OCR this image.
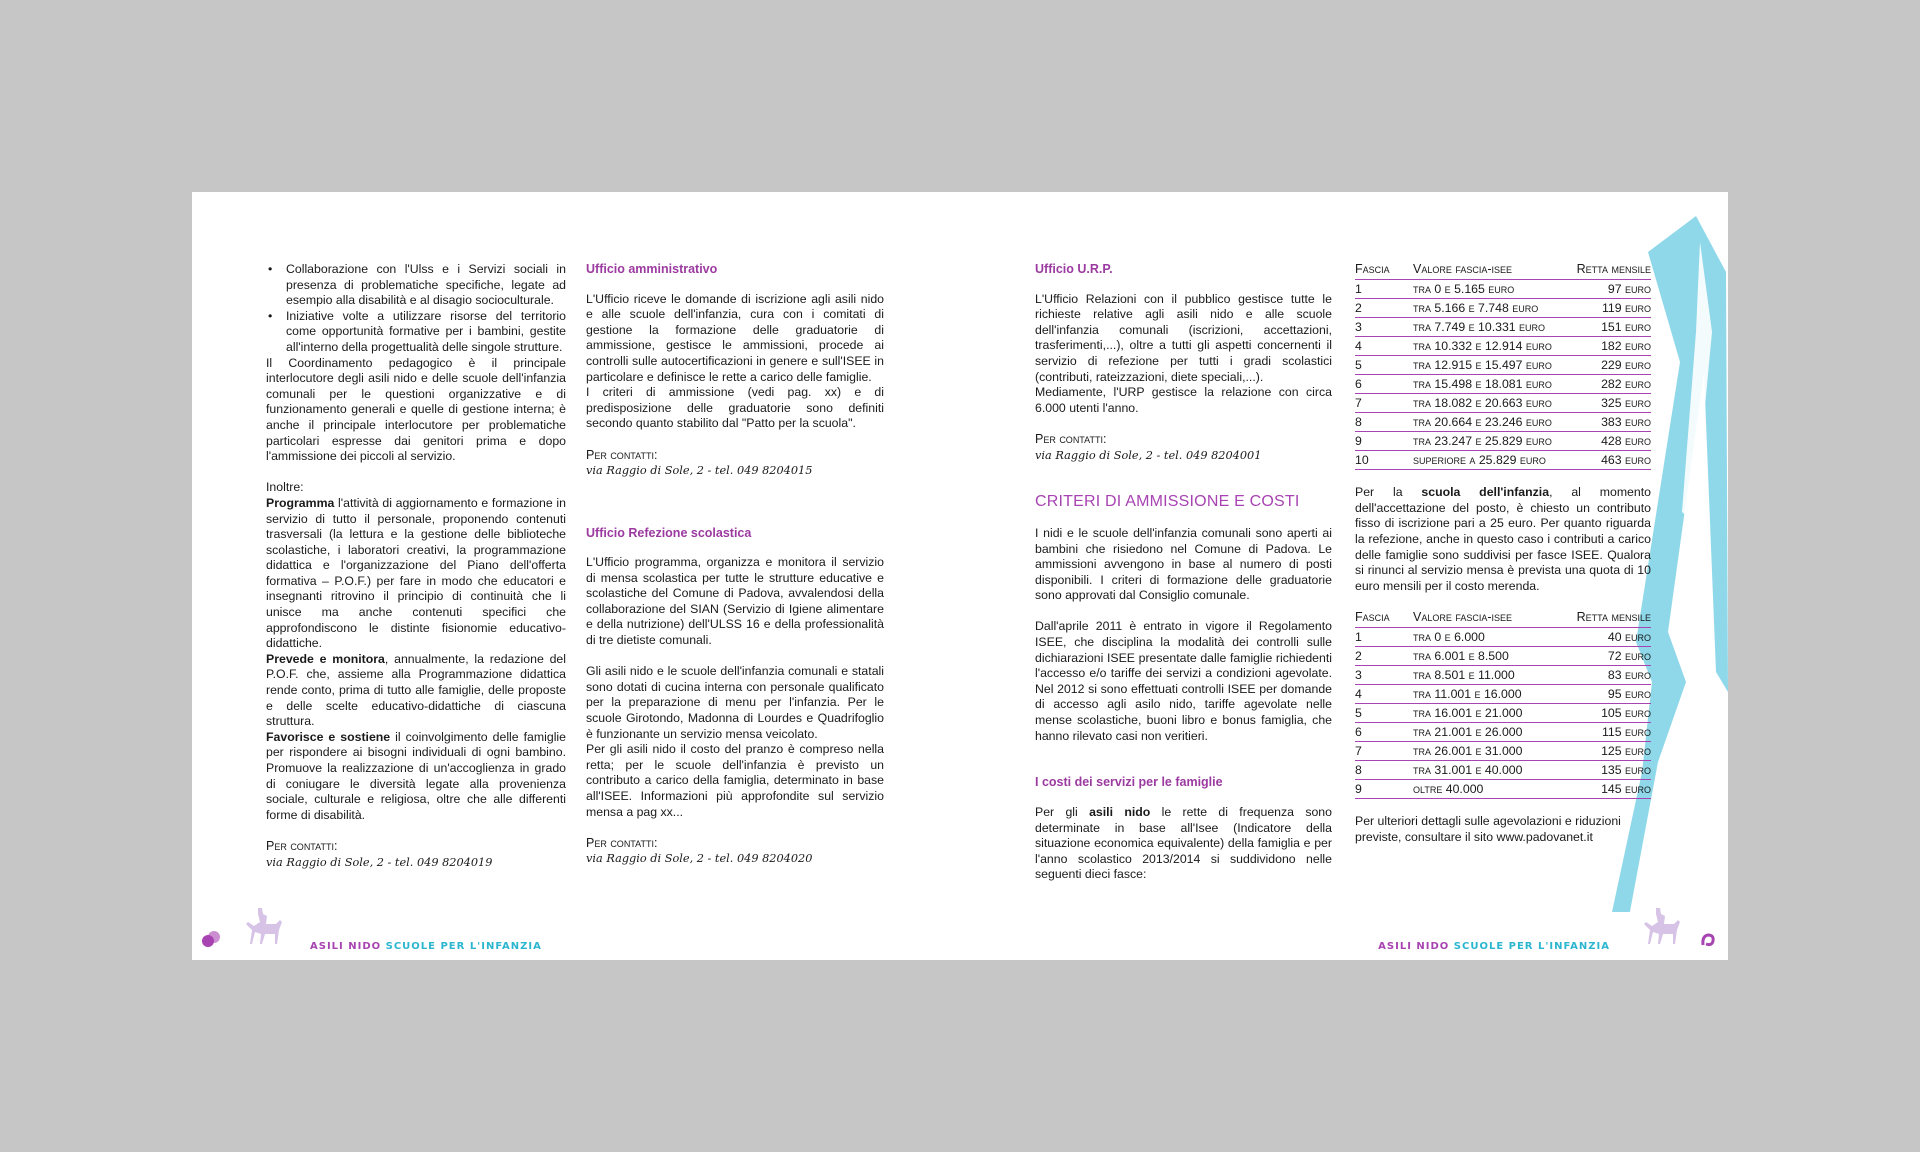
• Collaborazione con l'Ulss e i Servizi sociali in presenza di problematiche specifiche, legate ad esempio alla disabilità e al disagio socioculturale.
• Iniziative volte a utilizzare risorse del territorio come opportunità formative per i bambini, gestite all'interno della progettualità delle singole strutture.

Il Coordinamento pedagogico è il principale interlocutore degli asili nido e delle scuole dell'infanzia comunali per le questioni organizzative e di funzionamento generali e quelle di gestione interna; è anche il principale interlocutore per problematiche particolari espresse dai genitori prima e dopo l'ammissione dei piccoli al servizio.

Inoltre:

Programma l'attività di aggiornamento e formazione in servizio di tutto il personale, proponendo contenuti trasversali (la lettura e la gestione delle biblioteche scolastiche, i laboratori creativi, la programmazione didattica e l'organizzazione del Piano dell'offerta formativa – P.O.F.) per fare in modo che educatori e insegnanti ritrovino il principio di continuità che li unisce ma anche contenuti specifici che approfondiscono le distinte fisionomie educativo-didattiche.

Prevede e monitora, annualmente, la redazione del P.O.F. che, assieme alla Programmazione didattica rende conto, prima di tutto alle famiglie, delle proposte e delle scelte educativo-didattiche di ciascuna struttura.

Favorisce e sostiene il coinvolgimento delle famiglie per rispondere ai bisogni individuali di ogni bambino. Promuove la realizzazione di un'accoglienza in grado di coniugare le diversità legate alla provenienza sociale, culturale e religiosa, oltre che alle differenti forme di disabilità.

Per contatti:

via Raggio di Sole, 2 - tel. 049 8204019

Ufficio amministrativo

L'Ufficio riceve le domande di iscrizione agli asili nido e alle scuole dell'infanzia, cura con i comitati di gestione la formazione delle graduatorie di ammissione, gestisce le ammissioni, procede ai controlli sulle autocertificazioni in genere e sull'ISEE in particolare e definisce le rette a carico delle famiglie.

I criteri di ammissione (vedi pag. xx) e di predisposizione delle graduatorie sono definiti secondo quanto stabilito dal "Patto per la scuola".

Per contatti:

via Raggio di Sole, 2 - tel. 049 8204015

Ufficio Refezione scolastica

L'Ufficio programma, organizza e monitora il servizio di mensa scolastica per tutte le strutture educative e scolastiche del Comune di Padova, avvalendosi della collaborazione del SIAN (Servizio di Igiene alimentare e della nutrizione) dell'ULSS 16 e della professionalità di tre dietiste comunali.

Gli asili nido e le scuole dell'infanzia comunali e statali sono dotati di cucina interna con personale qualificato per la preparazione di menu per l'infanzia. Per le scuole Girotondo, Madonna di Lourdes e Quadrifoglio è funzionante un servizio mensa veicolato.

Per gli asili nido il costo del pranzo è compreso nella retta; per le scuole dell'infanzia è previsto un contributo a carico della famiglia, determinato in base all'ISEE. Informazioni più approfondite sul servizio mensa a pag xx...

Per contatti:

via Raggio di Sole, 2 - tel. 049 8204020

Ufficio U.R.P.

L'Ufficio Relazioni con il pubblico gestisce tutte le richieste relative agli asili nido e alle scuole dell'infanzia comunali (iscrizioni, accettazioni, trasferimenti,...), oltre a tutti gli aspetti concernenti il servizio di refezione per tutti i gradi scolastici (contributi, rateizzazioni, diete speciali,...).

Mediamente, l'URP gestisce la relazione con circa 6.000 utenti l'anno.

Per contatti:

via Raggio di Sole, 2 - tel. 049 8204001

CRITERI DI AMMISSIONE E COSTI

I nidi e le scuole dell'infanzia comunali sono aperti ai bambini che risiedono nel Comune di Padova. Le ammissioni avvengono in base al numero di posti disponibili. I criteri di formazione delle graduatorie sono approvati dal Consiglio comunale.

Dall'aprile 2011 è entrato in vigore il Regolamento ISEE, che disciplina la modalità dei controlli sulle dichiarazioni ISEE presentate dalle famiglie richiedenti l'accesso e/o tariffe dei servizi a condizioni agevolate. Nel 2012 si sono effettuati controlli ISEE per domande di accesso agli asilo nido, tariffe agevolate nelle mense scolastiche, buoni libro e bonus famiglia, che hanno rilevato casi non veritieri.

I costi dei servizi per le famiglie

Per gli asili nido le rette di frequenza sono determinate in base all'Isee (Indicatore della situazione economica equivalente) della famiglia e per l'anno scolastico 2013/2014 si suddividono nelle seguenti dieci fasce:

Fascia	Valore fascia-isee	Retta mensile
1	tra 0 e 5.165 euro	97 euro
2	tra 5.166 e 7.748 euro	119 euro
3	tra 7.749 e 10.331 euro	151 euro
4	tra 10.332 e 12.914 euro	182 euro
5	tra 12.915 e 15.497 euro	229 euro
6	tra 15.498 e 18.081 euro	282 euro
7	tra 18.082 e 20.663 euro	325 euro
8	tra 20.664 e 23.246 euro	383 euro
9	tra 23.247 e 25.829 euro	428 euro
10	superiore a 25.829 euro	463 euro

Per la scuola dell'infanzia, al momento dell'accettazione del posto, è chiesto un contributo fisso di iscrizione pari a 25 euro. Per quanto riguarda la refezione, anche in questo caso i contributi a carico delle famiglie sono suddivisi per fasce ISEE. Qualora si rinunci al servizio mensa è prevista una quota di 10 euro mensili per il costo merenda.

Fascia	Valore fascia-isee	Retta mensile
1	tra 0 e 6.000	40 euro
2	tra 6.001 e 8.500	72 euro
3	tra 8.501 e 11.000	83 euro
4	tra 11.001 e 16.000	95 euro
5	tra 16.001 e 21.000	105 euro
6	tra 21.001 e 26.000	115 euro
7	tra 26.001 e 31.000	125 euro
8	tra 31.001 e 40.000	135 euro
9	oltre 40.000	145 euro

Per ulteriori dettagli sulle agevolazioni e riduzioni previste, consultare il sito www.padovanet.it

ASILI NIDO SCUOLE PER L'INFANZIA	ASILI NIDO SCUOLE PER L'INFANZIA
